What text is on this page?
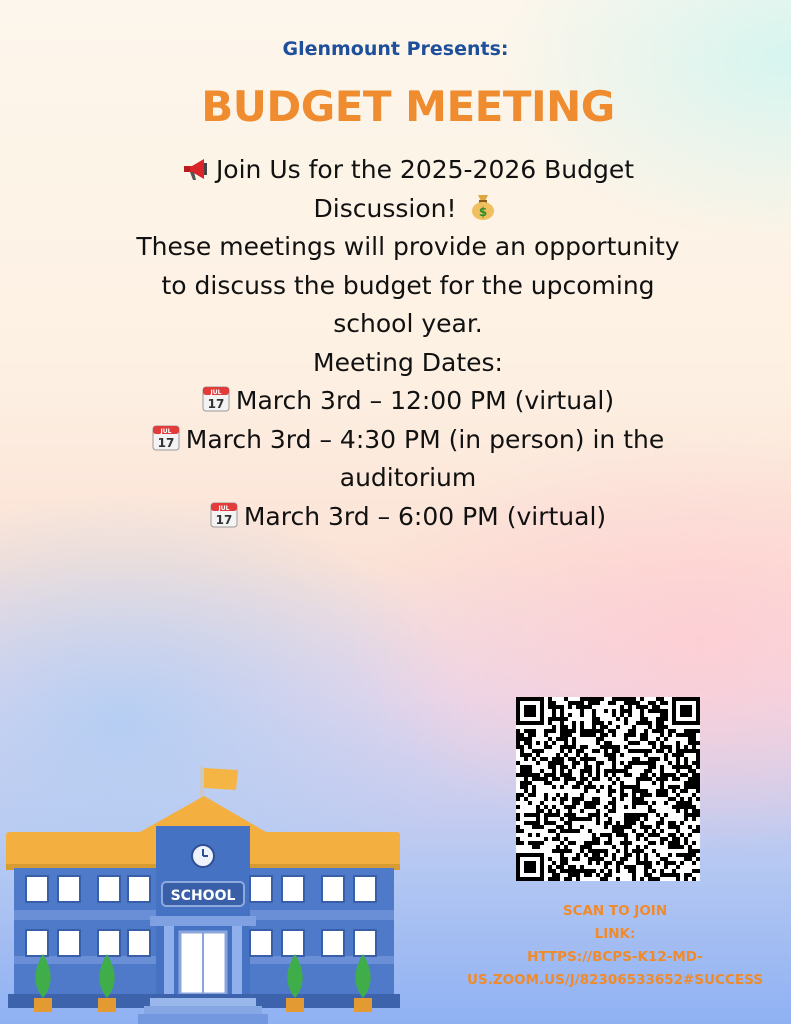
Glenmount Presents:
BUDGET MEETING
Join Us for the 2025-2026 Budget
Discussion! $
These meetings will provide an opportunity
to discuss the budget for the upcoming
school year.
Meeting Dates:
JUL
17 March 3rd – 12:00 PM (virtual)
JUL
17 March 3rd – 4:30 PM (in person) in the
auditorium
JUL
17 March 3rd – 6:00 PM (virtual)
SCAN TO JOIN
LINK:
HTTPS://BCPS-K12-MD-
US.ZOOM.US/J/82306533652#SUCCESS
SCHOOL
